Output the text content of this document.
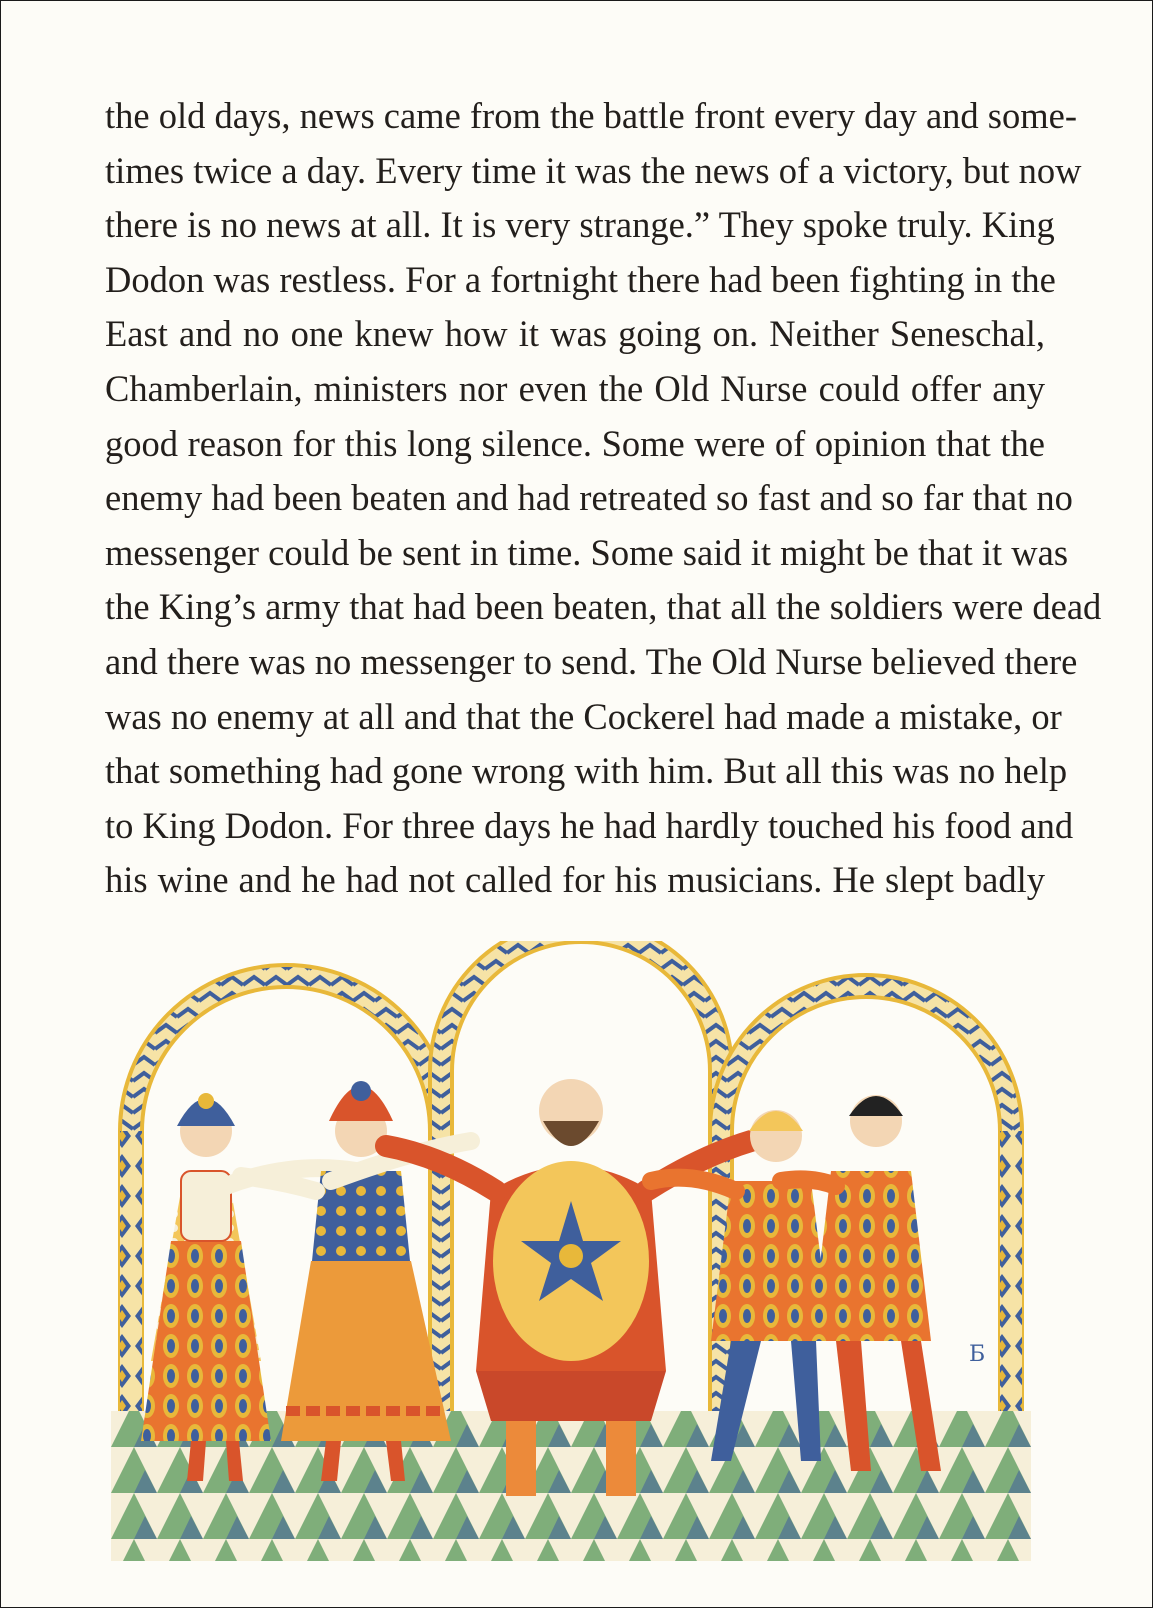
the old days, news came from the battle front every day and some-
times twice a day. Every time it was the news of a victory, but now
there is no news at all. It is very strange.” They spoke truly. King
Dodon was restless. For a fortnight there had been fighting in the
East and no one knew how it was going on. Neither Seneschal,
Chamberlain, ministers nor even the Old Nurse could offer any
good reason for this long silence. Some were of opinion that the
enemy had been beaten and had retreated so fast and so far that no
messenger could be sent in time. Some said it might be that it was
the King’s army that had been beaten, that all the soldiers were dead
and there was no messenger to send. The Old Nurse believed there
was no enemy at all and that the Cockerel had made a mistake, or
that something had gone wrong with him. But all this was no help
to King Dodon. For three days he had hardly touched his food and
his wine and he had not called for his musicians. He slept badly
Б
